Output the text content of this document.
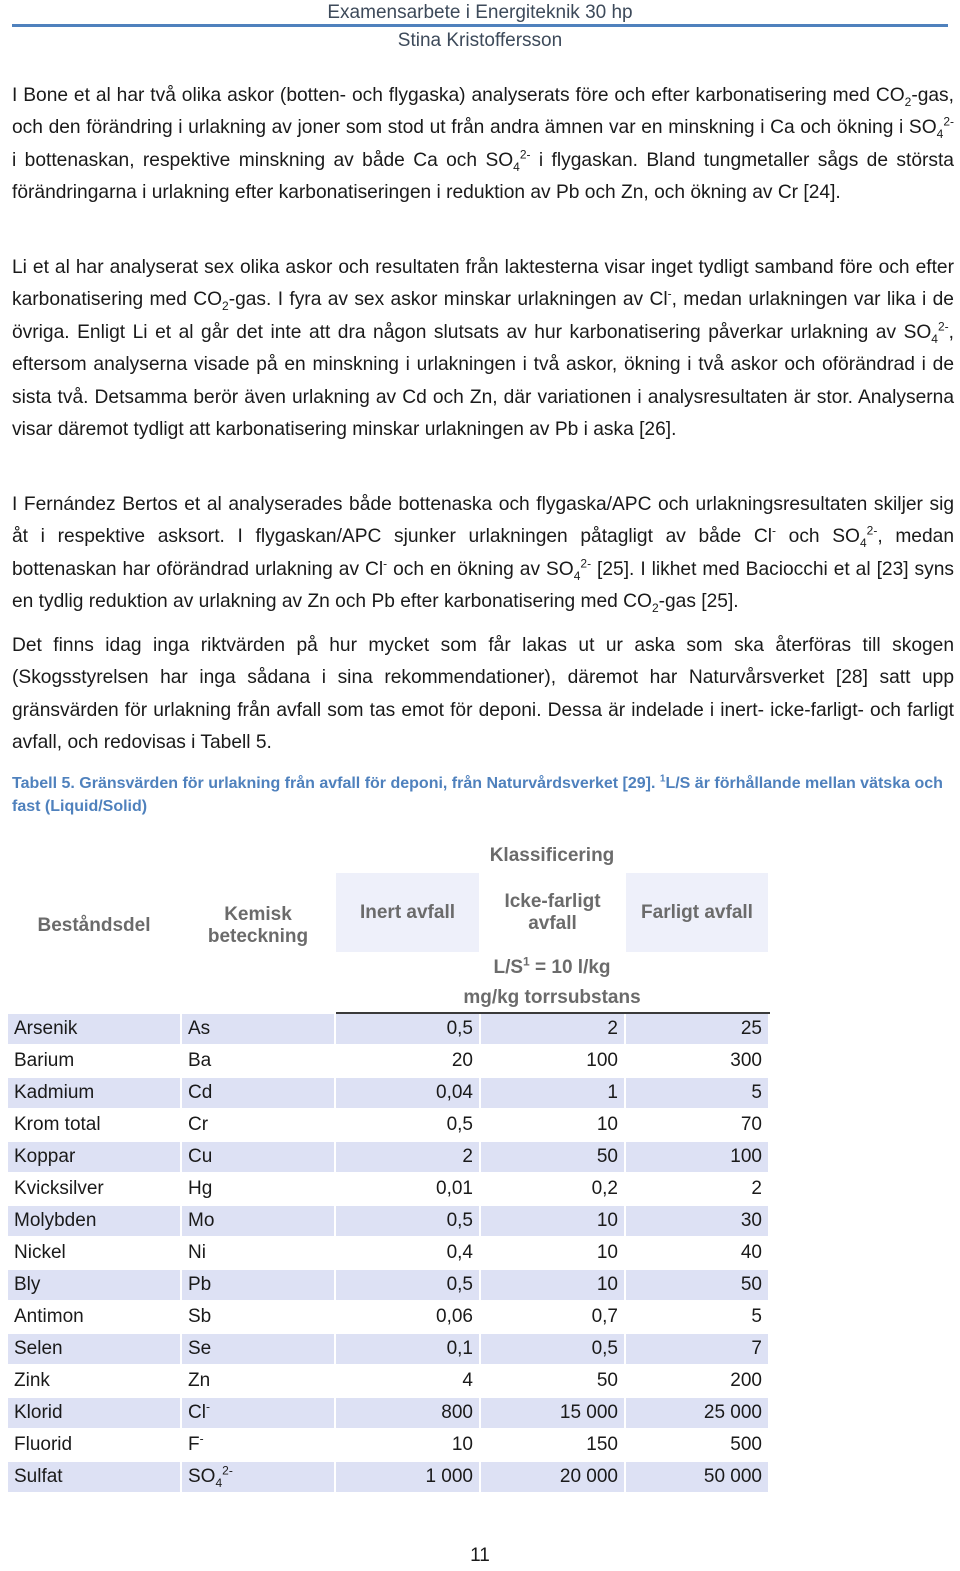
Examensarbete i Energiteknik 30 hp
Stina Kristoffersson
I Bone et al har två olika askor (botten- och flygaska) analyserats före och efter karbonatisering med $CO_2$-gas, och den förändring i urlakning av joner som stod ut från andra ämnen var en minskning i Ca och ökning i $SO_4^{2-}$ i bottenaskan, respektive minskning av både Ca och $SO_4^{2-}$ i flygaskan. Bland tungmetaller sågs de största förändringarna i urlakning efter karbonatiseringen i reduktion av Pb och Zn, och ökning av Cr [24].
Li et al har analyserat sex olika askor och resultaten från laktesterna visar inget tydligt samband före och efter karbonatisering med $CO_2$-gas. I fyra av sex askor minskar urlakningen av Cl-, medan urlakningen var lika i de övriga. Enligt Li et al går det inte att dra någon slutsats av hur karbonatisering påverkar urlakning av $SO_4^{2-}$, eftersom analyserna visade på en minskning i urlakningen i två askor, ökning i två askor och oförändrad i de sista två. Detsamma berör även urlakning av Cd och Zn, där variationen i analysresultaten är stor. Analyserna visar däremot tydligt att karbonatisering minskar urlakningen av Pb i aska [26].
I Fernández Bertos et al analyserades både bottenaska och flygaska/APC och urlakningsresultaten skiljer sig åt i respektive asksort. I flygaskan/APC sjunker urlakningen påtagligt av både Cl- och $SO_4^{2-}$, medan bottenaskan har oförändrad urlakning av Cl- och en ökning av $SO_4^{2-}$ [25]. I likhet med Baciocchi et al [23] syns en tydlig reduktion av urlakning av Zn och Pb efter karbonatisering med $CO_2$-gas [25].
Det finns idag inga riktvärden på hur mycket som får lakas ut ur aska som ska återföras till skogen (Skogsstyrelsen har inga sådana i sina rekommendationer), däremot har Naturvårsverket [28] satt upp gränsvärden för urlakning från avfall som tas emot för deponi. Dessa är indelade i inert- icke-farligt- och farligt avfall, och redovisas i Tabell 5.
Tabell 5. Gränsvärden för urlakning från avfall för deponi, från Naturvårdsverket [29]. $^1$L/S är förhållande mellan vätska och fast (Liquid/Solid)
Beståndsdel	Kemisk beteckning	Klassificering		
		Inert avfall	Icke-farligt avfall	Farligt avfall
		$L/S^1 = 10$ l/kg		
		mg/kg torrsubstans		
Arsenik	As	0,5	2	25
Barium	Ba	20	100	300
Kadmium	Cd	0,04	1	5
Krom total	Cr	0,5	10	70
Koppar	Cu	2	50	100
Kvicksilver	Hg	0,01	0,2	2
Molybden	Mo	0,5	10	30
Nickel	Ni	0,4	10	40
Bly	Pb	0,5	10	50
Antimon	Sb	0,06	0,7	5
Selen	Se	0,1	0,5	7
Zink	Zn	4	50	200
Klorid	Cl-	800	15 000	25 000
Fluorid	F-	10	150	500
Sulfat	$SO_4^{2-}$	1 000	20 000	50 000
11
